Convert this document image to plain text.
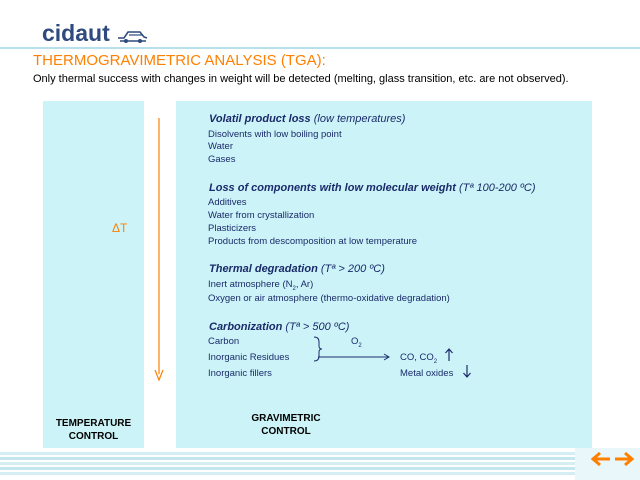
cidaut
THERMOGRAVIMETRIC ANALYSIS (TGA):
Only thermal success with changes in weight will be detected (melting, glass transition, etc. are not observed).
ΔT
TEMPERATURE
CONTROL
GRAVIMETRIC
CONTROL
Volatil product loss (low temperatures)
Disolvents with low boiling point
Water
Gases
Loss of components with low molecular weight (Tª 100-200 ºC)
Additives
Water from crystallization
Plasticizers
Products from descomposition at low temperature
Thermal degradation (Tª > 200 ºC)
Inert atmosphere ($N_2$, Ar)
Oxygen or air atmosphere (thermo-oxidative degradation)
Carbonization (Tª > 500 ºC)
Carbon
Inorganic Residues
Inorganic fillers
$O_2$
CO, $CO_2$
Metal oxides
